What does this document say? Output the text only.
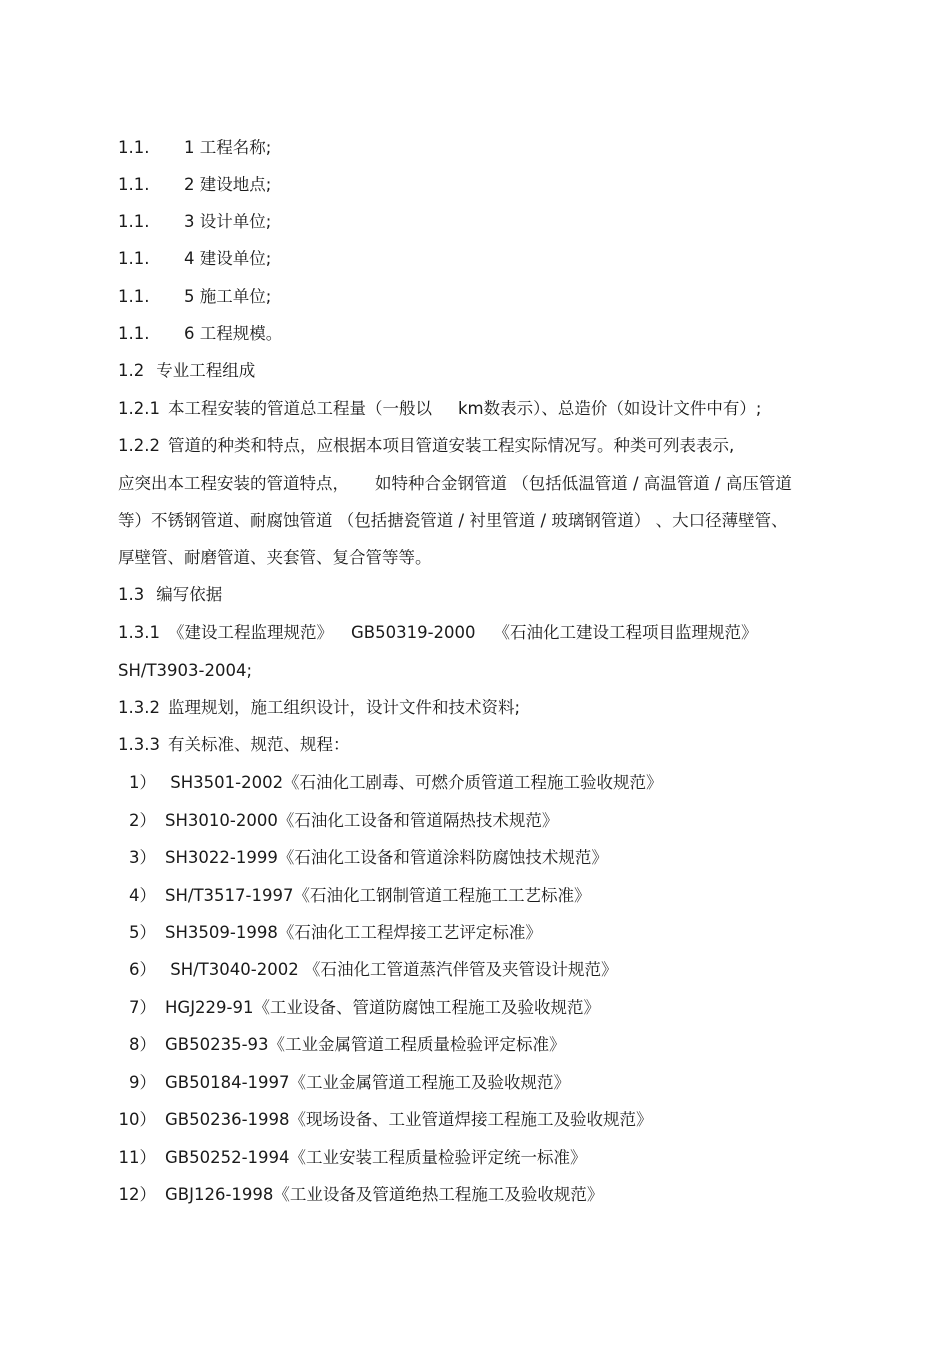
1.1. 1 工程名称;
1.1. 2 建设地点;
1.1. 3 设计单位;
1.1. 4 建设单位;
1.1. 5 施工单位;
1.1. 6 工程规模。
1.2 专业工程组成
1.2.1 本工程安装的管道总工程量（一般以 km数表示）、总造价（如设计文件中有）;
1.2.2 管道的种类和特点，应根据本项目管道安装工程实际情况写。种类可列表表示,
应突出本工程安装的管道特点， 如特种合金钢管道 （包括低温管道 / 高温管道 / 高压管道
等）不锈钢管道、耐腐蚀管道 （包括搪瓷管道 / 衬里管道 / 玻璃钢管道） 、大口径薄壁管、
厚壁管、耐磨管道、夹套管、复合管等等。
1.3 编写依据
1.3.1 《建设工程监理规范》 GB50319-2000 《石油化工建设工程项目监理规范》
SH/T3903-2004;
1.3.2 监理规划，施工组织设计，设计文件和技术资料;
1.3.3 有关标准、规范、规程：
1） SH3501-2002《石油化工剧毒、可燃介质管道工程施工验收规范》
2） SH3010-2000《石油化工设备和管道隔热技术规范》
3） SH3022-1999《石油化工设备和管道涂料防腐蚀技术规范》
4） SH/T3517-1997《石油化工钢制管道工程施工工艺标准》
5） SH3509-1998《石油化工工程焊接工艺评定标准》
6） SH/T3040-2002 《石油化工管道蒸汽伴管及夹管设计规范》
7） HGJ229-91《工业设备、管道防腐蚀工程施工及验收规范》
8） GB50235-93《工业金属管道工程质量检验评定标准》
9） GB50184-1997《工业金属管道工程施工及验收规范》
10） GB50236-1998《现场设备、工业管道焊接工程施工及验收规范》
11） GB50252-1994《工业安装工程质量检验评定统一标准》
12） GBJ126-1998《工业设备及管道绝热工程施工及验收规范》
